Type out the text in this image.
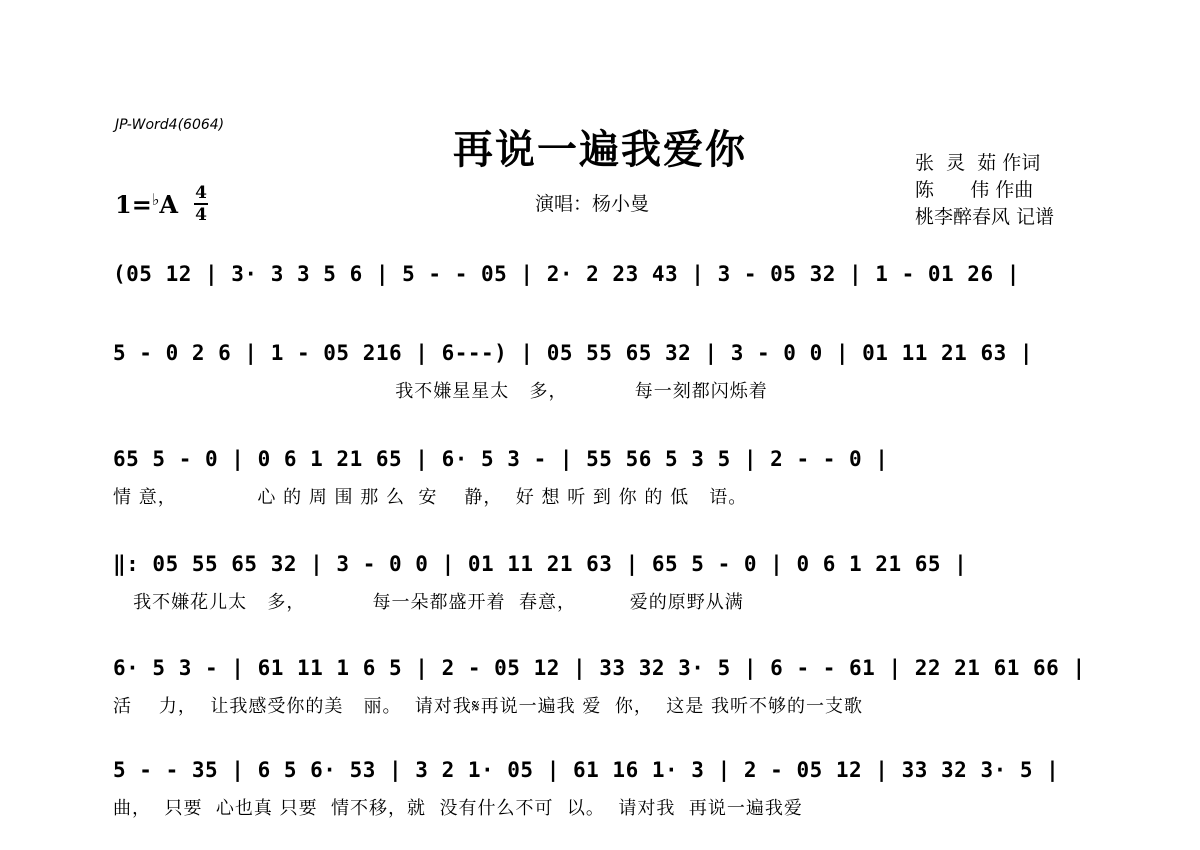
JP-Word4(6064)
再说一遍我爱你	张  灵  茹 作词
陈      伟 作曲
桃李醉春风 记谱
演唱：杨小曼
1=♭A 4
4
(05 12 | 3· 3 3 5 6 | 5 - - 05 | 2· 2 23 43 | 3 - 05 32 | 1 - 01 26 |
5 - 0 2 6 | 1 - 05 216 | 6---) | 05 55 65 32 | 3 - 0 0 | 01 11 21 63 |
我不嫌星星太   多，          每一刻都闪烁着
65 5 - 0 | 0 6 1 21 65 | 6· 5 3 - | 55 56 5 3 5 | 2 - - 0 |
情 意，            心 的 周 围 那 么  安    静，  好 想 听 到 你 的 低   语。
‖: 05 55 65 32 | 3 - 0 0 | 01 11 21 63 | 65 5 - 0 | 0 6 1 21 65 |
我不嫌花儿太   多，          每一朵都盛开着  春意，        爱的原野从满
6· 5 3 - | 61 11 1 6 5 | 2 - 05 12 | 33 32 3· 5 | 6 - - 61 | 22 21 61 66 |
活    力，  让我感受你的美   丽。  请对我𝄋再说一遍我 爱  你，  这是 我听不够的一支歌
5 - - 35 | 6 5 6· 53 | 3 2 1· 05 | 61 16 1· 3 | 2 - 05 12 | 33 32 3· 5 |
曲，  只要  心也真 只要  情不移，就  没有什么不可  以。  请对我  再说一遍我爱
